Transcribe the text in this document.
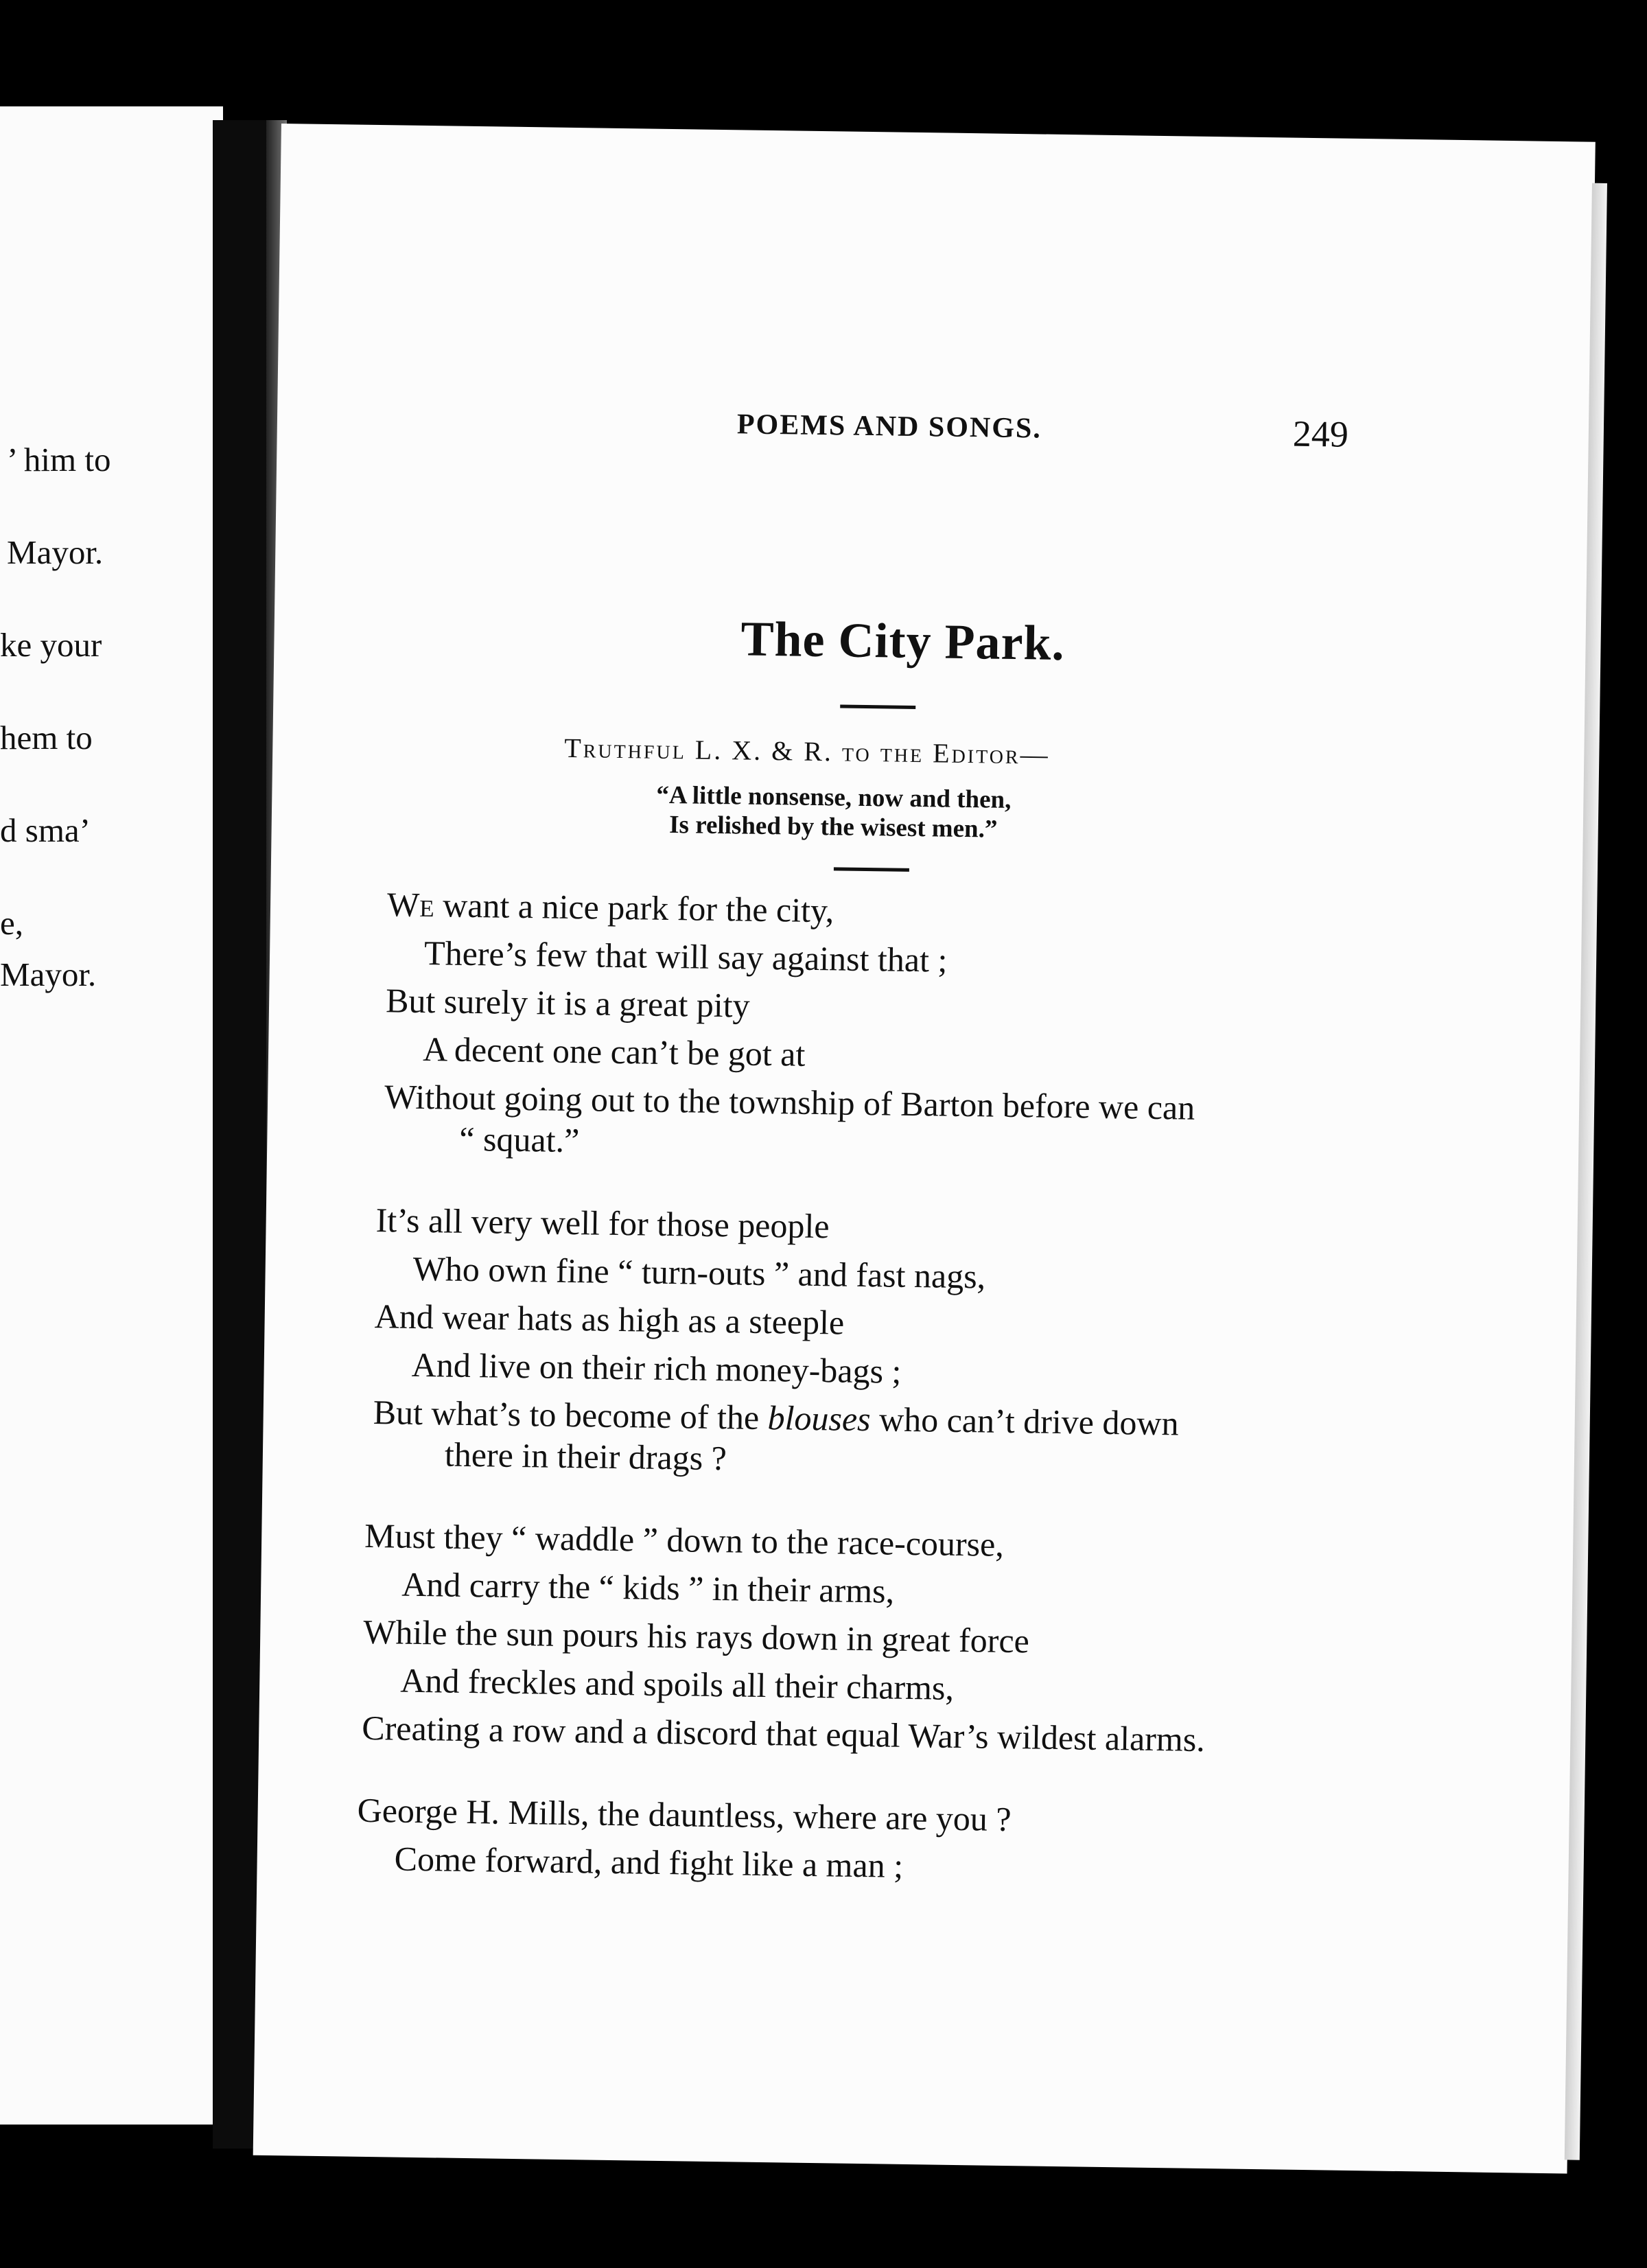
’ him to
Mayor.
ke your
hem to
d sma’
e,
Mayor.
POEMS AND SONGS.	249
The City Park.
Truthful L. X. & R. to the Editor—
“A little nonsense, now and then,
Is relished by the wisest men.”
We want a nice park for the city,
There’s few that will say against that ;
But surely it is a great pity
A decent one can’t be got at
Without going out to the township of Barton before we can
“ squat.”
It’s all very well for those people
Who own fine “ turn-outs ” and fast nags,
And wear hats as high as a steeple
And live on their rich money-bags ;
But what’s to become of the blouses who can’t drive down
there in their drags ?
Must they “ waddle ” down to the race-course,
And carry the “ kids ” in their arms,
While the sun pours his rays down in great force
And freckles and spoils all their charms,
Creating a row and a discord that equal War’s wildest alarms.
George H. Mills, the dauntless, where are you ?
Come forward, and fight like a man ;
